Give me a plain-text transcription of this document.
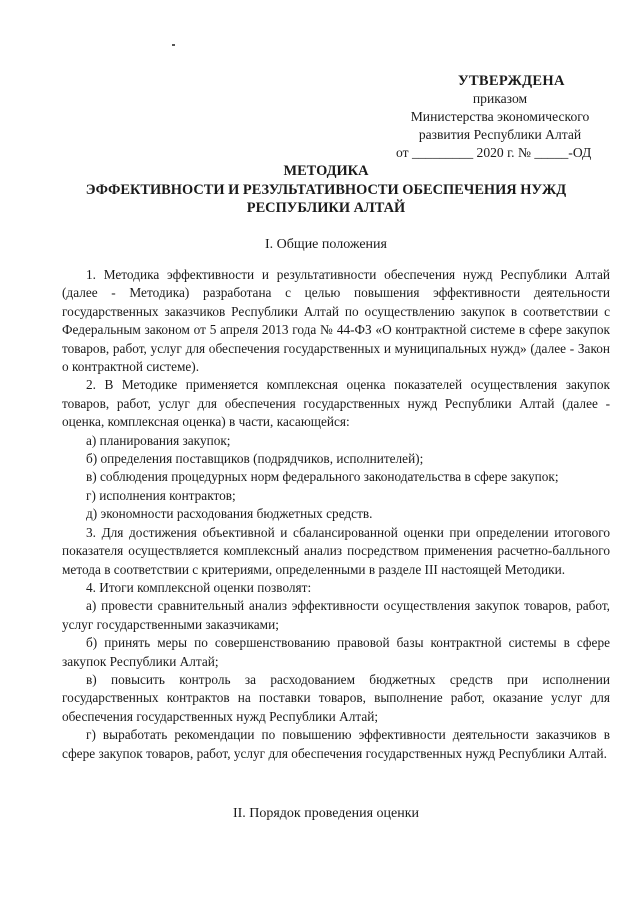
УТВЕРЖДЕНА
приказом
Министерства экономического
развития Республики Алтай
от _________ 2020 г. № _____-ОД
МЕТОДИКА
ЭФФЕКТИВНОСТИ И РЕЗУЛЬТАТИВНОСТИ ОБЕСПЕЧЕНИЯ НУЖД
РЕСПУБЛИКИ АЛТАЙ
I. Общие положения

1. Методика эффективности и результативности обеспечения нужд Республики Алтай (далее - Методика) разработана с целью повышения эффективности деятельности государственных заказчиков Республики Алтай по осуществлению закупок в соответствии с Федеральным законом от 5 апреля 2013 года № 44-ФЗ «О контрактной системе в сфере закупок товаров, работ, услуг для обеспечения государственных и муниципальных нужд» (далее - Закон о контрактной системе).

2. В Методике применяется комплексная оценка показателей осуществления закупок товаров, работ, услуг для обеспечения государственных нужд Республики Алтай (далее - оценка, комплексная оценка) в части, касающейся:

а) планирования закупок;

б) определения поставщиков (подрядчиков, исполнителей);

в) соблюдения процедурных норм федерального законодательства в сфере закупок;

г) исполнения контрактов;

д) экономности расходования бюджетных средств.

3. Для достижения объективной и сбалансированной оценки при определении итогового показателя осуществляется комплексный анализ посредством применения расчетно-балльного метода в соответствии с критериями, определенными в разделе III настоящей Методики.

4. Итоги комплексной оценки позволят:

а) провести сравнительный анализ эффективности осуществления закупок товаров, работ, услуг государственными заказчиками;

б) принять меры по совершенствованию правовой базы контрактной системы в сфере закупок Республики Алтай;

в) повысить контроль за расходованием бюджетных средств при исполнении государственных контрактов на поставки товаров, выполнение работ, оказание услуг для обеспечения государственных нужд Республики Алтай;

г) выработать рекомендации по повышению эффективности деятельности заказчиков в сфере закупок товаров, работ, услуг для обеспечения государственных нужд Республики Алтай.

II. Порядок проведения оценки
